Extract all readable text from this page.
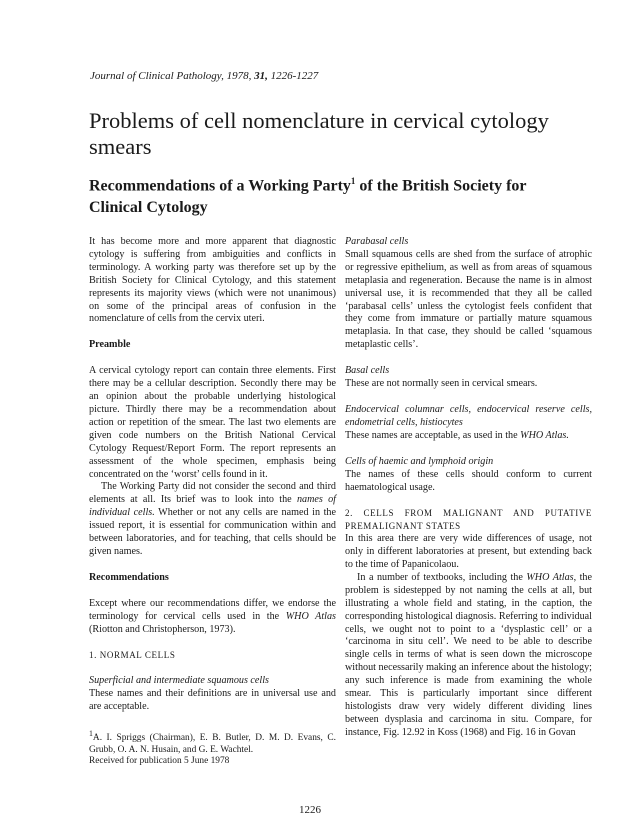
Journal of Clinical Pathology, 1978, 31, 1226-1227
Problems of cell nomenclature in cervical cytology smears
Recommendations of a Working Party$^1$ of the British Society for Clinical Cytology

It has become more and more apparent that diagnostic cytology is suffering from ambiguities and conflicts in terminology. A working party was therefore set up by the British Society for Clinical Cytology, and this statement represents its majority views (which were not unanimous) on some of the principal areas of confusion in the nomenclature of cells from the cervix uteri.

Preamble

A cervical cytology report can contain three elements. First there may be a cellular description. Secondly there may be an opinion about the probable underlying histological picture. Thirdly there may be a recommendation about action or repetition of the smear. The last two elements are given code numbers on the British National Cervical Cytology Request/Report Form. The report represents an assessment of the whole specimen, emphasis being concentrated on the ‘worst’ cells found in it.

The Working Party did not consider the second and third elements at all. Its brief was to look into the names of individual cells. Whether or not any cells are named in the issued report, it is essential for communication within and between laboratories, and for teaching, that cells should be given names.

Recommendations

Except where our recommendations differ, we endorse the terminology for cervical cells used in the WHO Atlas (Riotton and Christopherson, 1973).

1. NORMAL CELLS

Superficial and intermediate squamous cells

These names and their definitions are in universal use and are acceptable.

$^1$A. I. Spriggs (Chairman), E. B. Butler, D. M. D. Evans, C. Grubb, O. A. N. Husain, and G. E. Wachtel.

Received for publication 5 June 1978

Parabasal cells

Small squamous cells are shed from the surface of atrophic or regressive epithelium, as well as from areas of squamous metaplasia and regeneration. Because the name is in almost universal use, it is recommended that they all be called ‘parabasal cells’ unless the cytologist feels confident that they come from immature or partially mature squamous metaplasia. In that case, they should be called ‘squamous metaplastic cells’.

Basal cells

These are not normally seen in cervical smears.

Endocervical columnar cells, endocervical reserve cells, endometrial cells, histiocytes

These names are acceptable, as used in the WHO Atlas.

Cells of haemic and lymphoid origin

The names of these cells should conform to current haematological usage.

2. CELLS FROM MALIGNANT AND PUTATIVE PREMALIGNANT STATES

In this area there are very wide differences of usage, not only in different laboratories at present, but extending back to the time of Papanicolaou.

In a number of textbooks, including the WHO Atlas, the problem is sidestepped by not naming the cells at all, but illustrating a whole field and stating, in the caption, the corresponding histological diagnosis. Referring to individual cells, we ought not to point to a ‘dysplastic cell’ or a ‘carcinoma in situ cell’. We need to be able to describe single cells in terms of what is seen down the microscope without necessarily making an inference about the histology; any such inference is made from examining the whole smear. This is particularly important since different histologists draw very widely different dividing lines between dysplasia and carcinoma in situ. Compare, for instance, Fig. 12.92 in Koss (1968) and Fig. 16 in Govan

1226
